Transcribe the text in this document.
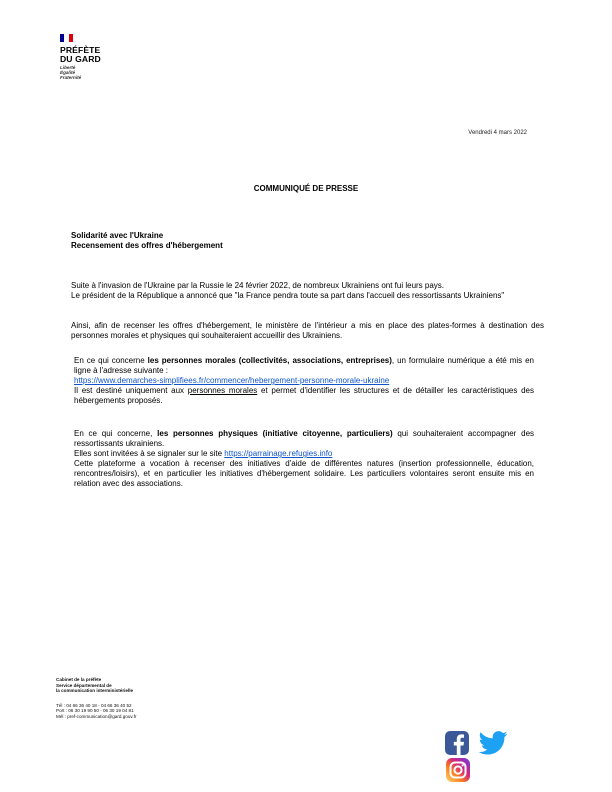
PRÉFÈTE
DU GARD
Liberté
Égalité
Fraternité
Vendredi 4 mars 2022
COMMUNIQUÉ DE PRESSE
Solidarité avec l'Ukraine
Recensement des offres d'hébergement
Suite à l'invasion de l'Ukraine par la Russie le 24 février 2022, de nombreux Ukrainiens ont fui leurs pays.
Le président de la République a annoncé que "la France pendra toute sa part dans l'accueil des ressortissants Ukrainiens"
Ainsi, afin de recenser les offres d'hébergement, le ministère de l'intérieur a mis en place des plates-formes à destination des personnes morales et physiques qui souhaiteraient accueillir des Ukrainiens.
En ce qui concerne les personnes morales (collectivités, associations, entreprises), un formulaire numérique a été mis en ligne à l'adresse suivante :
https://www.demarches-simplifiees.fr/commencer/hebergement-personne-morale-ukraine
Il est destiné uniquement aux personnes morales et permet d'identifier les structures et de détailler les caractéristiques des hébergements proposés.
En ce qui concerne, les personnes physiques (initiative citoyenne, particuliers) qui souhaiteraient accompagner des ressortissants ukrainiens.
Elles sont invitées à se signaler sur le site https://parrainage.refugies.info
Cette plateforme a vocation à recenser des initiatives d'aide de différentes natures (insertion professionnelle, éducation, rencontres/loisirs), et en particulier les initiatives d'hébergement solidaire. Les particuliers volontaires seront ensuite mis en relation avec des associations.
Cabinet de la préfète
Service départemental de
la communication interministérielle
Tél : 04 66 36 40 18 - 04 66 36 40 52
Port : 06 30 19 90 50 - 06 30 19 04 81
Mél : pref-communication@gard.gouv.fr
